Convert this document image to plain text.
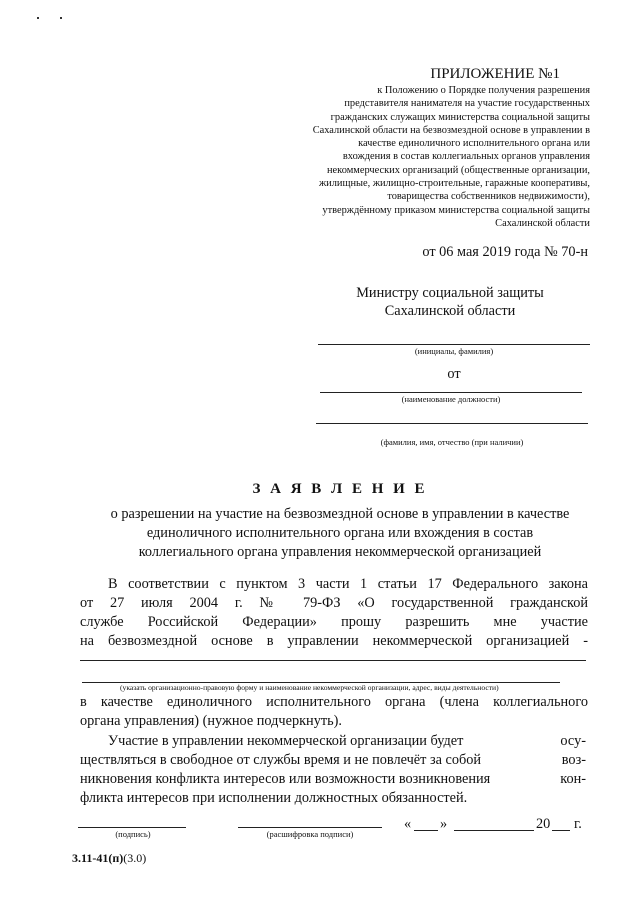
ПРИЛОЖЕНИЕ №1
к Положению о Порядке получения разрешения
представителя нанимателя на участие государственных
гражданских служащих министерства социальной защиты
Сахалинской области на безвозмездной основе в управлении в
качестве единоличного исполнительного органа или
вхождения в состав коллегиальных органов управления
некоммерческих организаций (общественные организации,
жилищные, жилищно-строительные, гаражные кооперативы,
товарищества собственников недвижимости),
утверждённому приказом министерства социальной защиты
Сахалинской области
от 06 мая 2019 года № 70-н
Министру социальной защиты
Сахалинской области
(инициалы, фамилия)
от
(наименование должности)
(фамилия, имя, отчество (при наличии)
З А Я В Л Е Н И Е
о разрешении на участие на безвозмездной основе в управлении в качестве
единоличного исполнительного органа или вхождения в состав
коллегиального органа управления некоммерческой организацией
В соответствии с пунктом 3 части 1 статьи 17 Федерального закона
от 27 июля 2004 г. № 79-ФЗ «О государственной гражданской
службе Российской Федерации» прошу разрешить мне участие
на безвозмездной основе в управлении некоммерческой организацией -
(указать организационно-правовую форму и наименование некоммерческой организации, адрес, виды деятельности)
в качестве единоличного исполнительного органа (члена коллегиального
органа управления) (нужное подчеркнуть).
Участие в управлении некоммерческой организации будет
ществляться в свободное от службы время и не повлечёт за собой
никновения конфликта интересов или возможности возникновения
фликта интересов при исполнении должностных обязанностей.
осу-
воз-
кон-
(подпись)	(расшифровка подписи)
« »	20 г.
3.11-41(п)(3.0)
